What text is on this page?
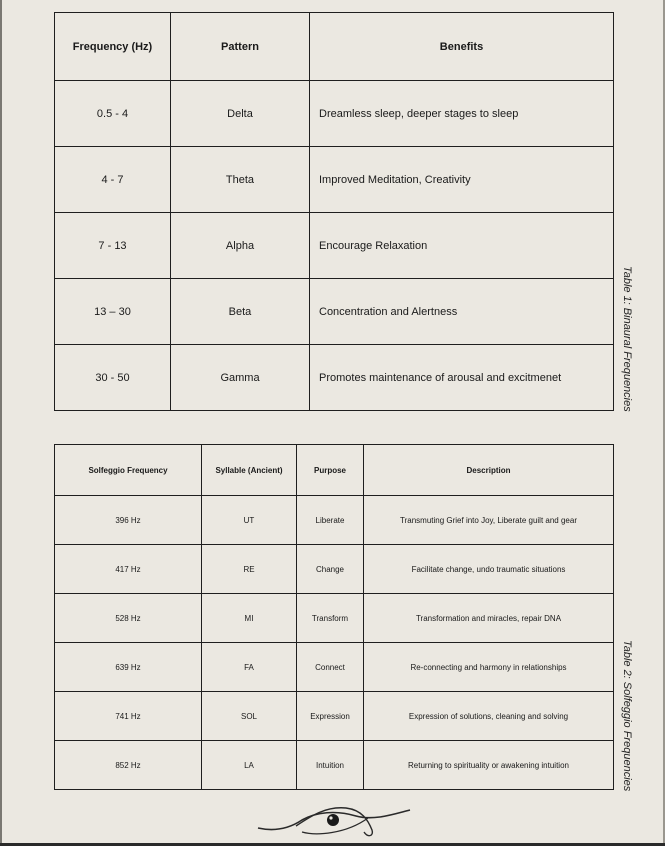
Frequency (Hz)	Pattern	Benefits
0.5 - 4	Delta	Dreamless sleep, deeper stages to sleep
4 - 7	Theta	Improved Meditation, Creativity
7 - 13	Alpha	Encourage Relaxation
13 – 30	Beta	Concentration and Alertness
30 - 50	Gamma	Promotes maintenance of arousal and excitmenet	Table 1: Binaural Frequencies
Solfeggio Frequency	Syllable (Ancient)	Purpose	Description
396 Hz	UT	Liberate	Transmuting Grief into Joy, Liberate guilt and gear
417 Hz	RE	Change	Facilitate change, undo traumatic situations
528 Hz	MI	Transform	Transformation and miracles, repair DNA
639 Hz	FA	Connect	Re-connecting and harmony in relationships
741 Hz	SOL	Expression	Expression of solutions, cleaning and solving
852 Hz	LA	Intuition	Returning to spirituality or awakening intuition	Table 2: Solfeggio Frequencies
